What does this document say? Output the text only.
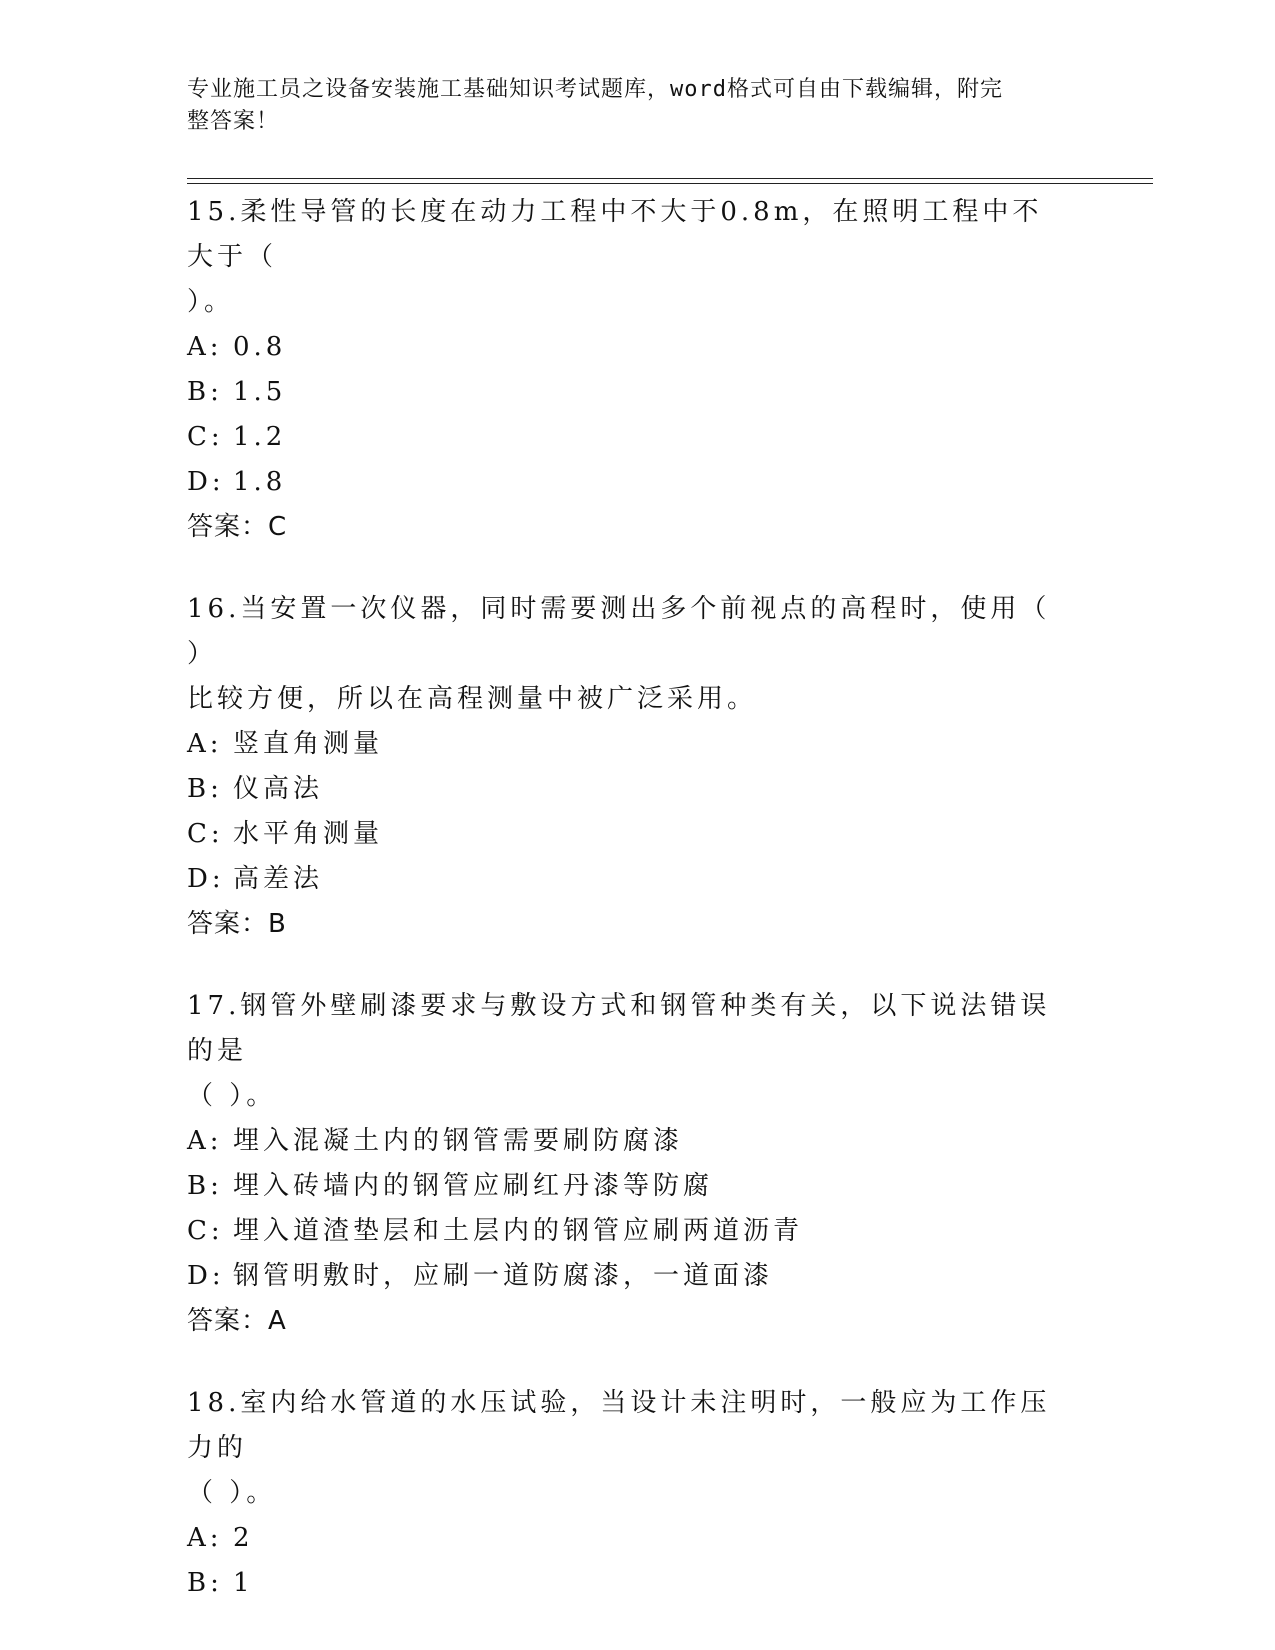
专业施工员之设备安装施工基础知识考试题库，word格式可自由下载编辑，附完
整答案！
15.柔性导管的长度在动力工程中不大于0.8m，在照明工程中不大于（
）。
A: 0.8
B: 1.5
C: 1.2
D: 1.8
答案：C
16.当安置一次仪器，同时需要测出多个前视点的高程时，使用（ ）
比较方便，所以在高程测量中被广泛采用。
A: 竖直角测量
B: 仪高法
C: 水平角测量
D: 高差法
答案：B
17.钢管外壁刷漆要求与敷设方式和钢管种类有关，以下说法错误的是
（ ）。
A: 埋入混凝土内的钢管需要刷防腐漆
B: 埋入砖墙内的钢管应刷红丹漆等防腐
C: 埋入道渣垫层和土层内的钢管应刷两道沥青
D: 钢管明敷时，应刷一道防腐漆，一道面漆
答案：A
18.室内给水管道的水压试验，当设计未注明时，一般应为工作压力的
（ ）。
A: 2
B: 1
